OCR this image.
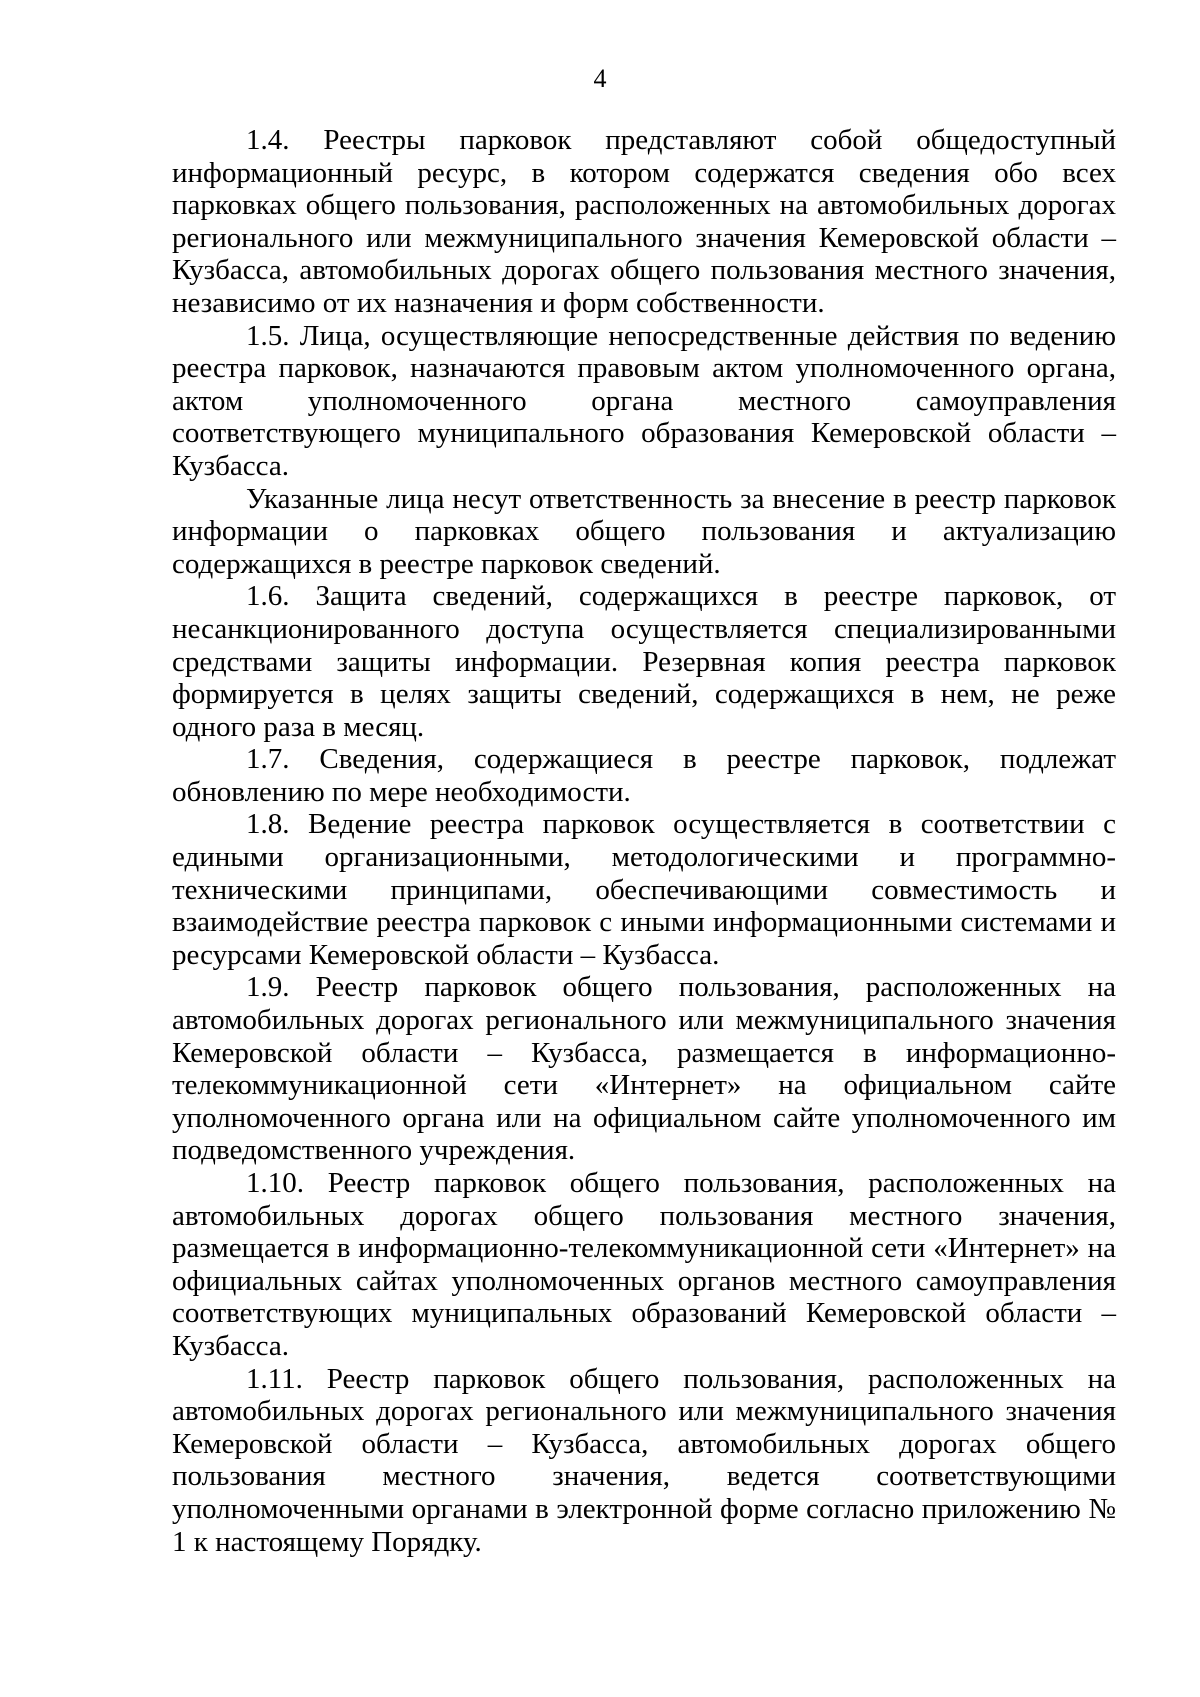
4

1.4. Реестры парковок представляют собой общедоступный информационный ресурс, в котором содержатся сведения обо всех парковках общего пользования, расположенных на автомобильных дорогах регионального или межмуниципального значения Кемеровской области – Кузбасса, автомобильных дорогах общего пользования местного значения, независимо от их назначения и форм собственности.

1.5. Лица, осуществляющие непосредственные действия по ведению реестра парковок, назначаются правовым актом уполномоченного органа, актом уполномоченного органа местного самоуправления соответствующего муниципального образования Кемеровской области – Кузбасса.

Указанные лица несут ответственность за внесение в реестр парковок информации о парковках общего пользования и актуализацию содержащихся в реестре парковок сведений.

1.6. Защита сведений, содержащихся в реестре парковок, от несанкционированного доступа осуществляется специализированными средствами защиты информации. Резервная копия реестра парковок формируется в целях защиты сведений, содержащихся в нем, не реже одного раза в месяц.

1.7. Сведения, содержащиеся в реестре парковок, подлежат обновлению по мере необходимости.

1.8. Ведение реестра парковок осуществляется в соответствии с едиными организационными, методологическими и программно-техническими принципами, обеспечивающими совместимость и взаимодействие реестра парковок с иными информационными системами и ресурсами Кемеровской области – Кузбасса.

1.9. Реестр парковок общего пользования, расположенных на автомобильных дорогах регионального или межмуниципального значения Кемеровской области – Кузбасса, размещается в информационно-телекоммуникационной сети «Интернет» на официальном сайте уполномоченного органа или на официальном сайте уполномоченного им подведомственного учреждения.

1.10. Реестр парковок общего пользования, расположенных на автомобильных дорогах общего пользования местного значения, размещается в информационно-телекоммуникационной сети «Интернет» на официальных сайтах уполномоченных органов местного самоуправления соответствующих муниципальных образований Кемеровской области – Кузбасса.

1.11. Реестр парковок общего пользования, расположенных на автомобильных дорогах регионального или межмуниципального значения Кемеровской области – Кузбасса, автомобильных дорогах общего пользования местного значения, ведется соответствующими уполномоченными органами в электронной форме согласно приложению № 1 к настоящему Порядку.
